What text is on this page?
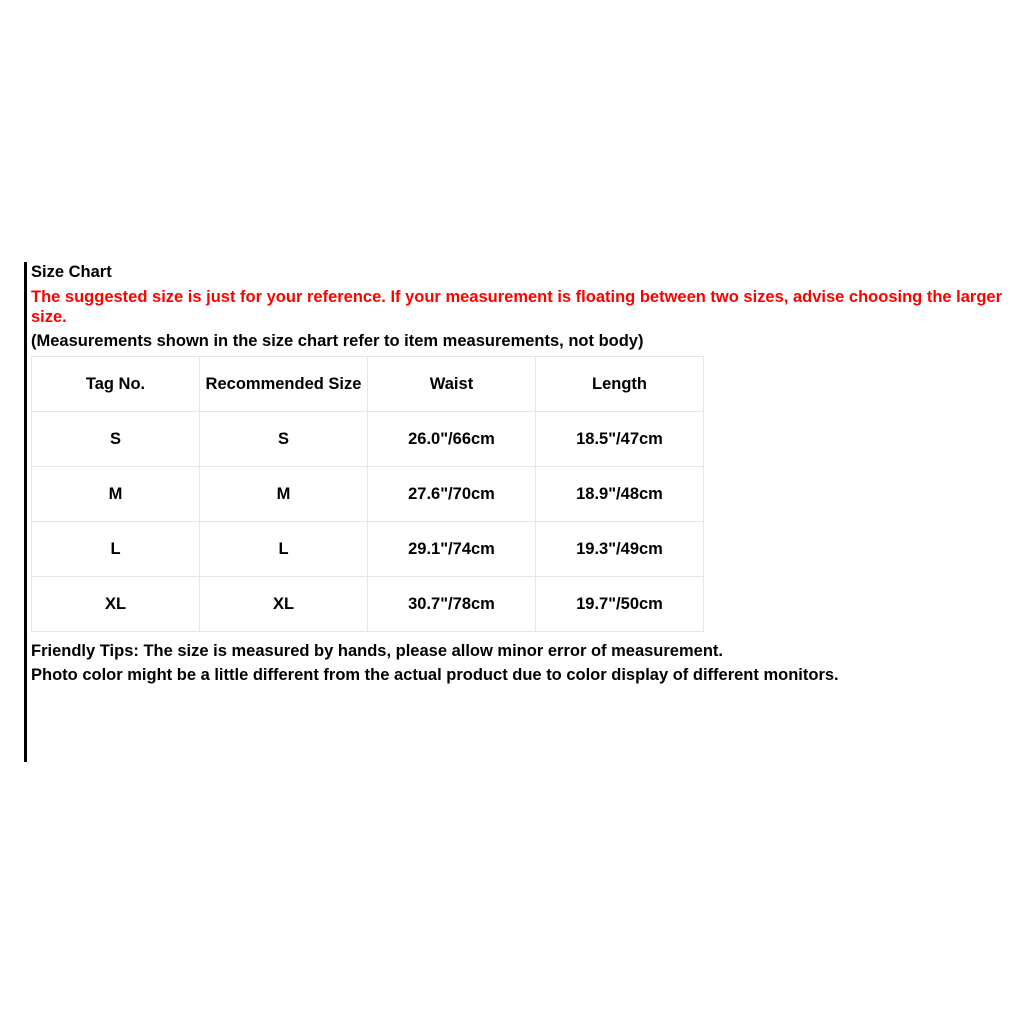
Size Chart
The suggested size is just for your reference. If your measurement is floating between two sizes, advise choosing the larger size.
(Measurements shown in the size chart refer to item measurements, not body)
Tag No.	Recommended Size	Waist	Length
S	S	26.0"/66cm	18.5"/47cm
M	M	27.6"/70cm	18.9"/48cm
L	L	29.1"/74cm	19.3"/49cm
XL	XL	30.7"/78cm	19.7"/50cm
Friendly Tips: The size is measured by hands, please allow minor error of measurement.
Photo color might be a little different from the actual product due to color display of different monitors.
